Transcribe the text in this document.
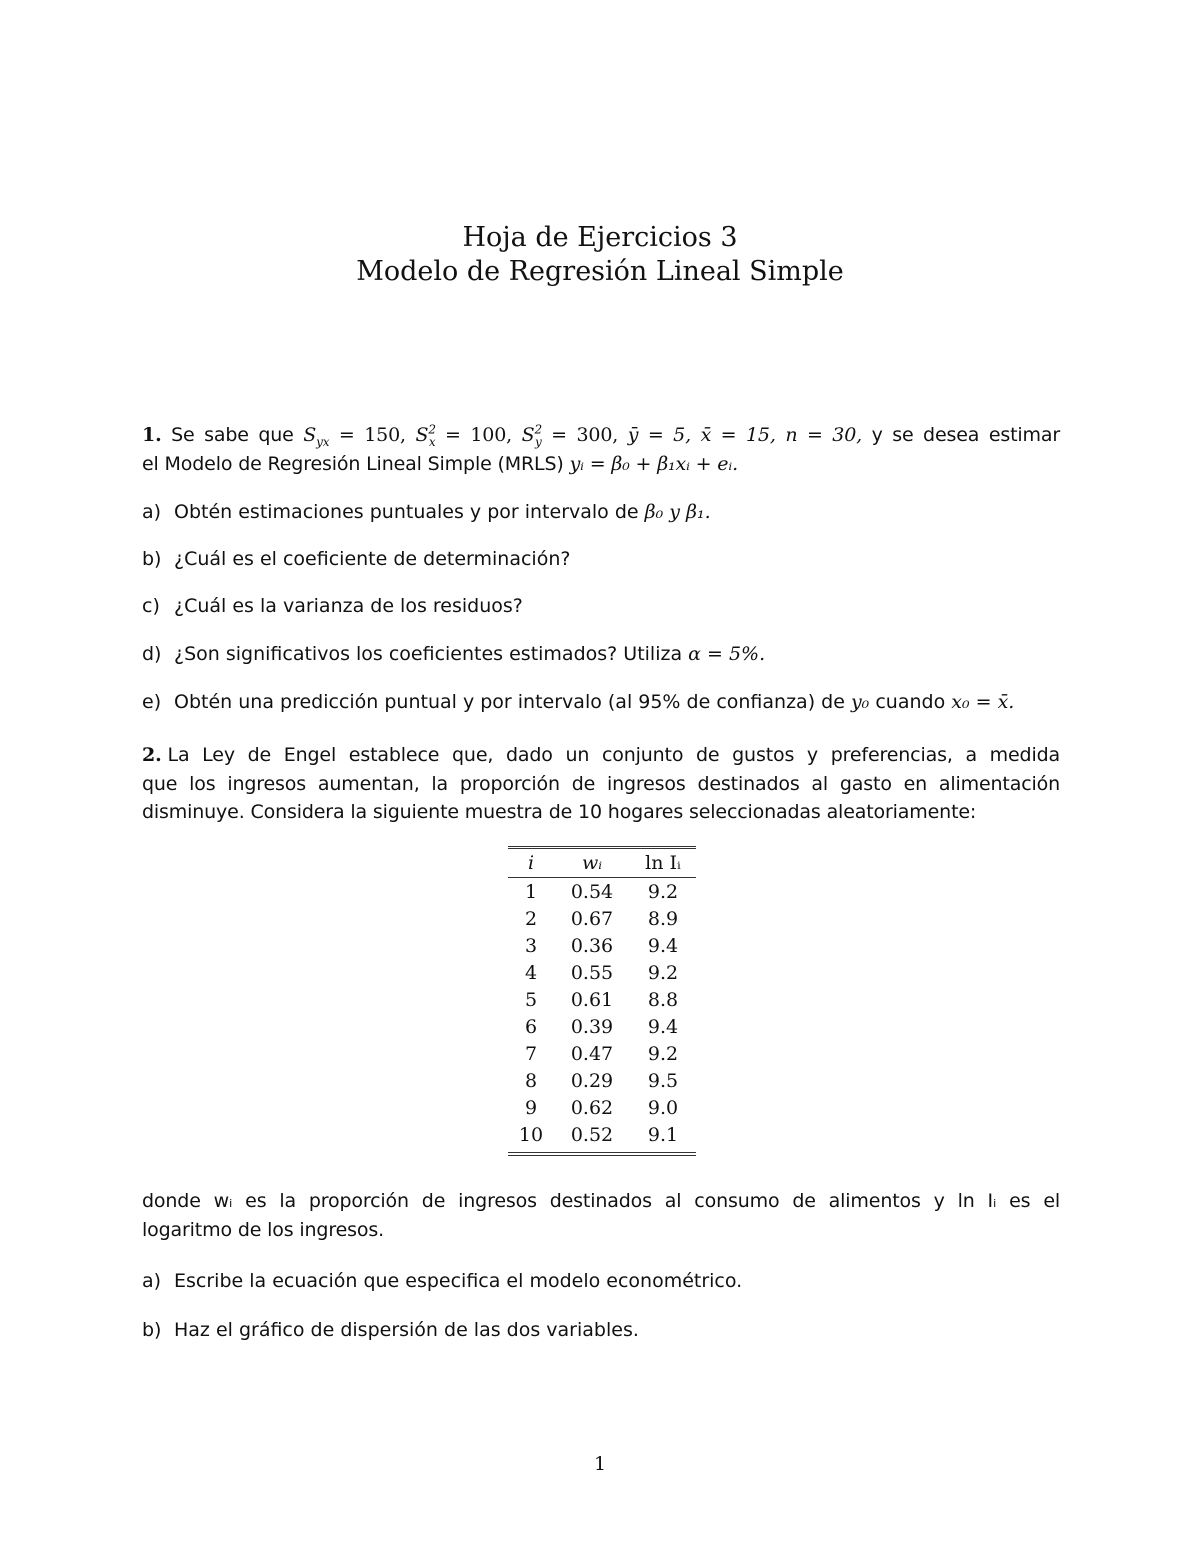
Hoja de Ejercicios 3
Modelo de Regresión Lineal Simple
1. Se sabe que $S_{yx} = 150$, $S^2_x = 100$, $S^2_y = 300$, ȳ = 5, x̄ = 15, n = 30, y se desea estimar
el Modelo de Regresión Lineal Simple (MRLS) yᵢ = β₀ + β₁xᵢ + eᵢ.
a) Obtén estimaciones puntuales y por intervalo de β₀ y β₁.
b) ¿Cuál es el coeficiente de determinación?
c) ¿Cuál es la varianza de los residuos?
d) ¿Son significativos los coeficientes estimados? Utiliza α = 5%.
e) Obtén una predicción puntual y por intervalo (al 95% de confianza) de y₀ cuando x₀ = x̄.
2. La Ley de Engel establece que, dado un conjunto de gustos y preferencias, a medida
que los ingresos aumentan, la proporción de ingresos destinados al gasto en alimentación
disminuye. Considera la siguiente muestra de 10 hogares seleccionadas aleatoriamente:
i	wᵢ	ln Iᵢ
1	0.54	9.2
2	0.67	8.9
3	0.36	9.4
4	0.55	9.2
5	0.61	8.8
6	0.39	9.4
7	0.47	9.2
8	0.29	9.5
9	0.62	9.0
10	0.52	9.1
donde wᵢ es la proporción de ingresos destinados al consumo de alimentos y ln Iᵢ es el
logaritmo de los ingresos.
a) Escribe la ecuación que especifica el modelo econométrico.
b) Haz el gráfico de dispersión de las dos variables.
1
